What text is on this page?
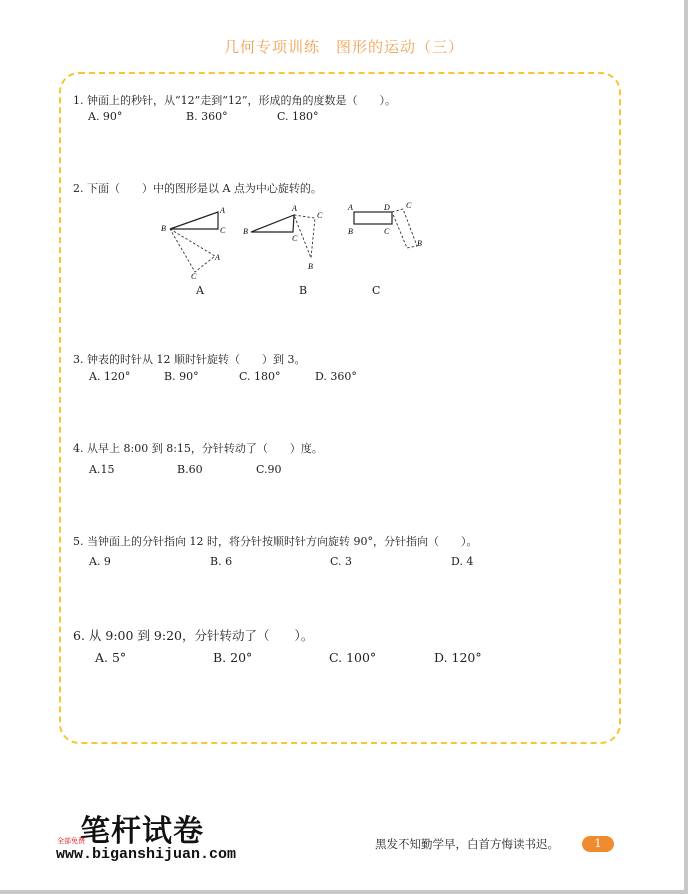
几何专项训练　图形的运动（三）
1. 钟面上的秒针，从“12”走到“12”，形成的角的度数是（　　）。
A. 90°	B. 360°	C. 180°
2. 下面（　　）中的图形是以 A 点为中心旋转的。
B
A
C
A
C
B
A
C
C
B
A	D C
B	C
B
A	B	C
3. 钟表的时针从 12 顺时针旋转（　　）到 3。
A. 120°	B. 90°	C. 180°	D. 360°
4. 从早上 8:00 到 8:15，分针转动了（　　）度。
A.15	B.60	C.90
5. 当钟面上的分针指向 12 时，将分针按顺时针方向旋转 90°，分针指向（　　）。
A. 9	B. 6	C. 3	D. 4
6. 从 9:00 到 9:20，分针转动了（　　）。
A. 5°	B. 20°	C. 100°	D. 120°
笔杆试卷
全部免费
www.biganshijuan.com
黑发不知勤学早，白首方悔读书迟。	1
